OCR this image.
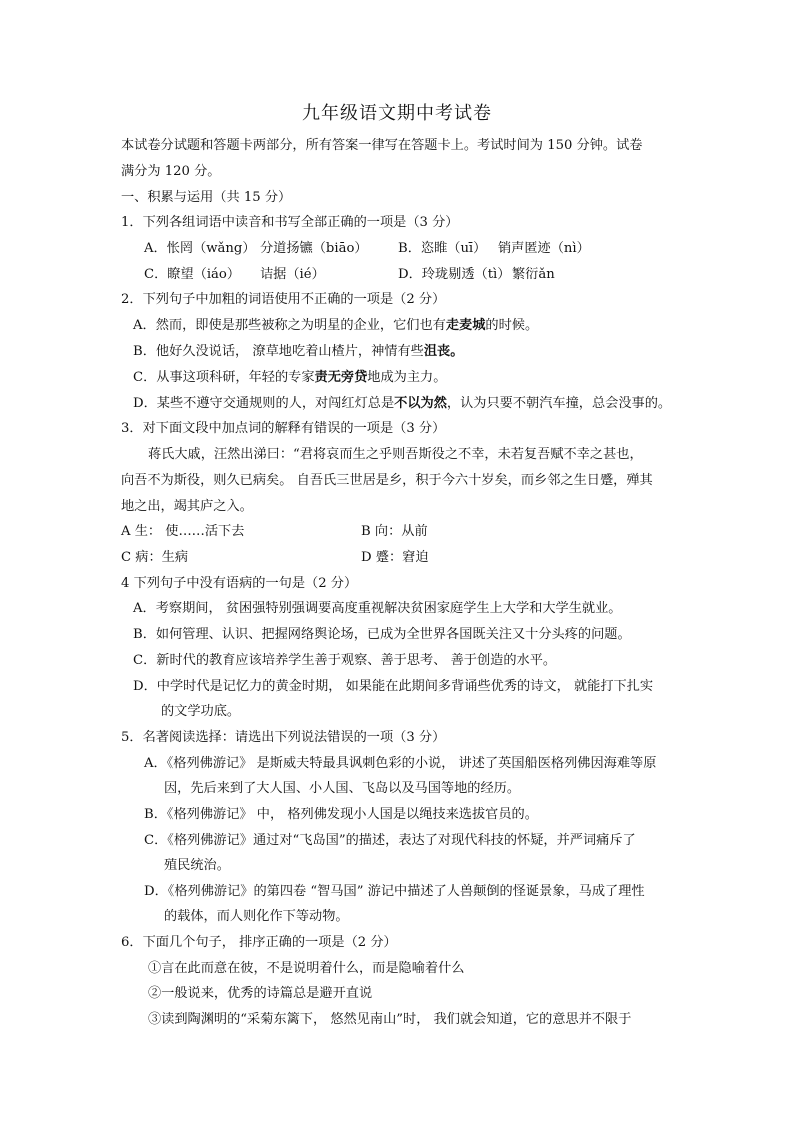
九年级语文期中考试卷
本试卷分试题和答题卡两部分，所有答案一律写在答题卡上。考试时间为 150 分钟。试卷
满分为 120 分。
一、积累与运用（共 15 分）
1．下列各组词语中读音和书写全部正确的一项是（3 分）
A．怅罔（wǎng） 分道扬镳（biāo） B．恣睢（uī） 销声匿迹（nì）
C．瞭望（iáo） 诘据（ié）	D．玲珑剔透（tì） 繁衍ǎn
2．下列句子中加粗的词语使用不正确的一项是（2 分）
A．然而，即使是那些被称之为明星的企业，它们也有走麦城的时候。
B．他好久没说话， 潦草地吃着山楂片，神情有些沮丧。
C．从事这项科研，年轻的专家责无旁贷地成为主力。
D．某些不遵守交通规则的人，对闯红灯总是不以为然，认为只要不朝汽车撞，总会没事的。
3．对下面文段中加点词的解释有错误的一项是（3 分）
蒋氏大戚，汪然出涕曰：“君将哀而生之乎则吾斯役之不幸，未若复吾赋不幸之甚也，
向吾不为斯役，则久已病矣。 自吾氏三世居是乡，积于今六十岁矣，而乡邻之生日蹙，殚其
地之出，竭其庐之入。
A 生： 使……活下去	B 向：从前
C 病：生病	D 蹙：窘迫
4 下列句子中没有语病的一句是（2 分）
A．考察期间， 贫困强特别强调要高度重视解决贫困家庭学生上大学和大学生就业。
B．如何管理、认识、把握网络舆论场，已成为全世界各国既关注又十分头疼的问题。
C．新时代的教育应该培养学生善于观察、善于思考、 善于创造的水平。
D．中学时代是记忆力的黄金时期， 如果能在此期间多背诵些优秀的诗文， 就能打下扎实
的文学功底。
5．名著阅读选择：请选出下列说法错误的一项（3 分）
A．《格列佛游记》 是斯威夫特最具讽刺色彩的小说， 讲述了英国船医格列佛因海难等原
因，先后来到了大人国、小人国、飞岛以及马国等地的经历。
B．《格列佛游记》 中， 格列佛发现小人国是以绳技来选拔官员的。
C．《格列佛游记》通过对“飞岛国”的描述，表达了对现代科技的怀疑，并严词痛斥了
殖民统治。
D．《格列佛游记》的第四卷 “智马国” 游记中描述了人兽颠倒的怪诞景象，马成了理性
的载体，而人则化作下等动物。
6．下面几个句子， 排序正确的一项是（2 分）
①言在此而意在彼，不是说明着什么，而是隐喻着什么
②一般说来，优秀的诗篇总是避开直说
③读到陶渊明的“采菊东篱下， 悠然见南山”时， 我们就会知道，它的意思并不限于
